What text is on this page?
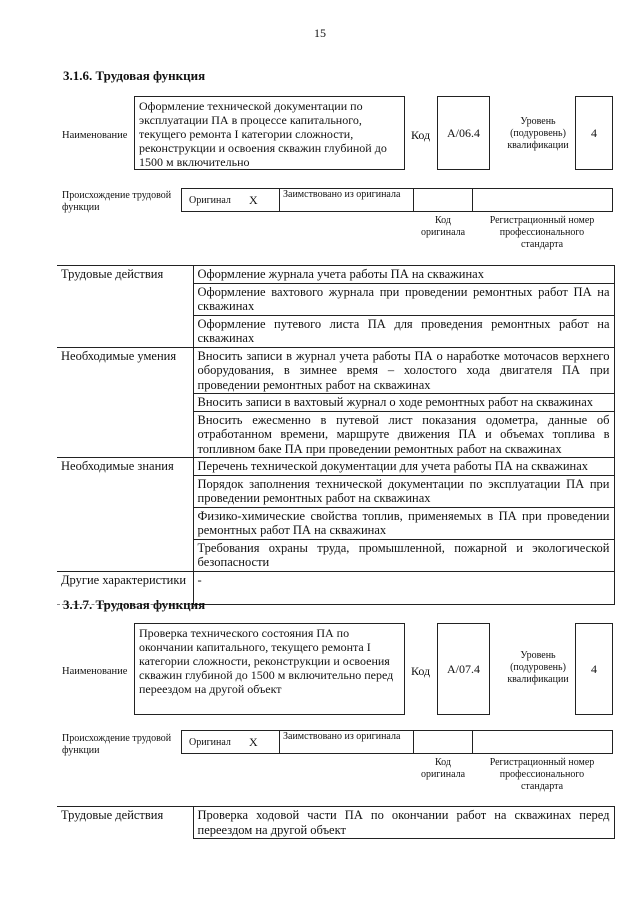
15
3.1.6. Трудовая функция
Наименование
Оформление технической документации по эксплуатации ПА в процессе капитального, текущего ремонта I категории сложности, реконструкции и освоения скважин глубиной до 1500 м включительно
Код	А/06.4
Уровень (подуровень) квалификации
4
Происхождение трудовой функции
Оригинал X	Заимствовано из оригинала
Код оригинала
Регистрационный номер профессионального стандарта
Трудовые действия	Оформление журнала учета работы ПА на скважинах
	Оформление вахтового журнала при проведении ремонтных работ ПА на скважинах
	Оформление путевого листа ПА для проведения ремонтных работ на скважинах
Необходимые умения	Вносить записи в журнал учета работы ПА о наработке моточасов верхнего оборудования, в зимнее время – холостого хода двигателя ПА при проведении ремонтных работ на скважинах
	Вносить записи в вахтовый журнал о ходе ремонтных работ на скважинах
	Вносить ежесменно в путевой лист показания одометра, данные об отработанном времени, маршруте движения ПА и объемах топлива в топливном баке ПА при проведении ремонтных работ на скважинах
Необходимые знания	Перечень технической документации для учета работы ПА на скважинах
	Порядок заполнения технической документации по эксплуатации ПА при проведении ремонтных работ на скважинах
	Физико-химические свойства топлив, применяемых в ПА при проведении ремонтных работ ПА на скважинах
	Требования охраны труда, промышленной, пожарной и экологической безопасности
Другие характеристики	-
3.1.7. Трудовая функция
Наименование
Проверка технического состояния ПА по окончании капитального, текущего ремонта I категории сложности, реконструкции и освоения скважин глубиной до 1500 м включительно перед переездом на другой объект
Код	А/07.4
Уровень (подуровень) квалификации
4
Происхождение трудовой функции
Оригинал X	Заимствовано из оригинала
Код оригинала
Регистрационный номер профессионального стандарта
Трудовые действия	Проверка ходовой части ПА по окончании работ на скважинах перед переездом на другой объект
